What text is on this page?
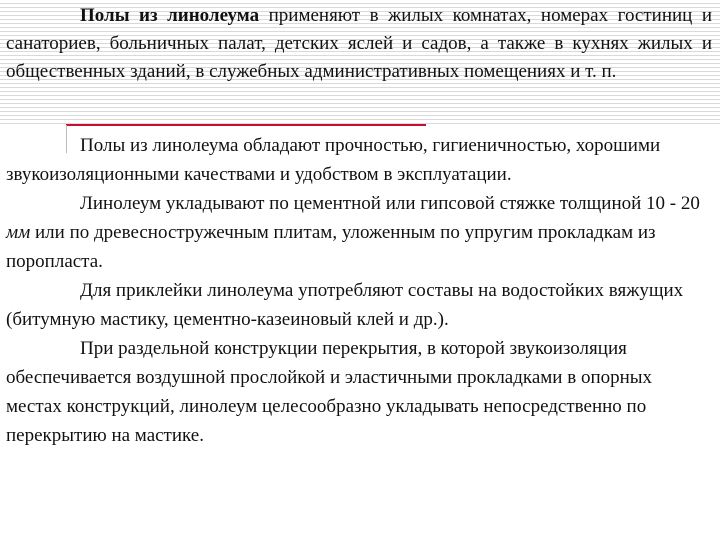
Полы из линолеума применяют в жилых комнатах, номерах гостиниц и санаториев, больничных палат, детских яслей и садов, а также в кухнях жилых и общественных зданий, в служебных административных помещениях и т. п.

Полы из линолеума обладают прочностью, гигиеничностью, хорошими звукоизоляционными качествами и удобством в эксплуатации.

Линолеум укладывают по цементной или гипсовой стяжке толщиной 10 - 20 мм или по древесностружечным плитам, уложенным по упругим прокладкам из поропласта.

Для приклейки линолеума употребляют составы на водостойких вяжущих (битумную мастику, цементно-казеиновый клей и др.).

При раздельной конструкции перекрытия, в которой звукоизоляция обеспечивается воздушной прослойкой и эластичными прокладками в опорных местах конструкций, линолеум целесообразно укладывать непосредственно по перекрытию на мастике.
